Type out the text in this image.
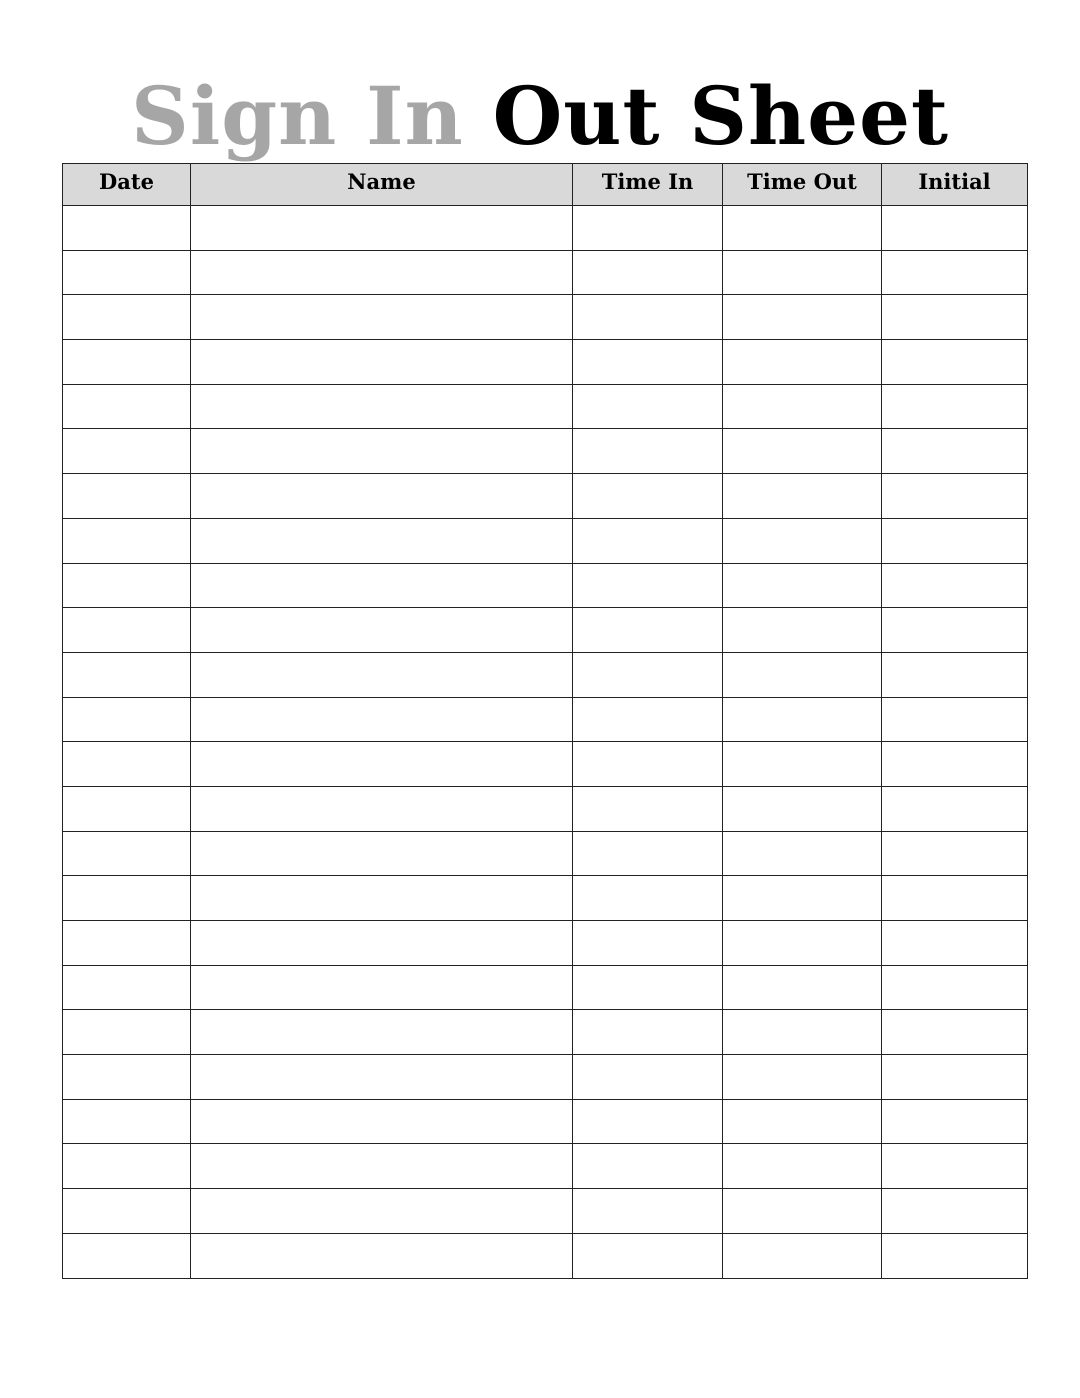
Sign In Out Sheet
Date	Name	Time In	Time Out	Initial
